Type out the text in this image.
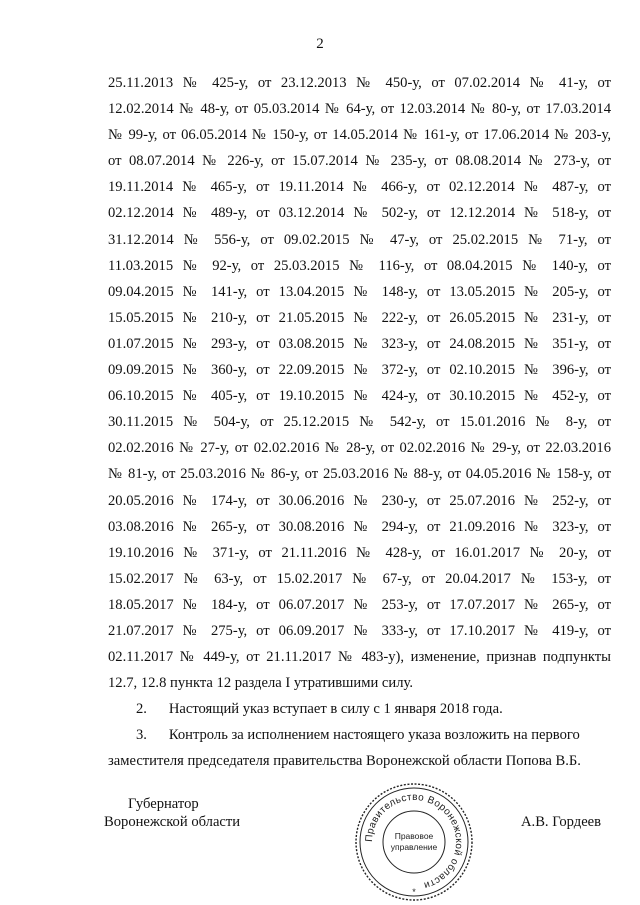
2
25.11.2013 № 425-у, от 23.12.2013 № 450-у, от 07.02.2014 № 41-у, от
12.02.2014 № 48-у, от 05.03.2014 № 64-у, от 12.03.2014 № 80-у, от 17.03.2014
№ 99-у, от 06.05.2014 № 150-у, от 14.05.2014 № 161-у, от 17.06.2014 № 203-у,
от 08.07.2014 № 226-у, от 15.07.2014 № 235-у, от 08.08.2014 № 273-у, от
19.11.2014 № 465-у, от 19.11.2014 № 466-у, от 02.12.2014 № 487-у, от
02.12.2014 № 489-у, от 03.12.2014 № 502-у, от 12.12.2014 № 518-у, от
31.12.2014 № 556-у, от 09.02.2015 № 47-у, от 25.02.2015 № 71-у, от
11.03.2015 № 92-у, от 25.03.2015 № 116-у, от 08.04.2015 № 140-у, от
09.04.2015 № 141-у, от 13.04.2015 № 148-у, от 13.05.2015 № 205-у, от
15.05.2015 № 210-у, от 21.05.2015 № 222-у, от 26.05.2015 № 231-у, от
01.07.2015 № 293-у, от 03.08.2015 № 323-у, от 24.08.2015 № 351-у, от
09.09.2015 № 360-у, от 22.09.2015 № 372-у, от 02.10.2015 № 396-у, от
06.10.2015 № 405-у, от 19.10.2015 № 424-у, от 30.10.2015 № 452-у, от
30.11.2015 № 504-у, от 25.12.2015 № 542-у, от 15.01.2016 № 8-у, от
02.02.2016 № 27-у, от 02.02.2016 № 28-у, от 02.02.2016 № 29-у, от 22.03.2016
№ 81-у, от 25.03.2016 № 86-у, от 25.03.2016 № 88-у, от 04.05.2016 № 158-у, от
20.05.2016 № 174-у, от 30.06.2016 № 230-у, от 25.07.2016 № 252-у, от
03.08.2016 № 265-у, от 30.08.2016 № 294-у, от 21.09.2016 № 323-у, от
19.10.2016 № 371-у, от 21.11.2016 № 428-у, от 16.01.2017 № 20-у, от
15.02.2017 № 63-у, от 15.02.2017 № 67-у, от 20.04.2017 № 153-у, от
18.05.2017 № 184-у, от 06.07.2017 № 253-у, от 17.07.2017 № 265-у, от
21.07.2017 № 275-у, от 06.09.2017 № 333-у, от 17.10.2017 № 419-у, от
02.11.2017 № 449-у, от 21.11.2017 № 483-у), изменение, признав подпункты
12.7, 12.8 пункта 12 раздела I утратившими силу.
2.      Настоящий указ вступает в силу с 1 января 2018 года.
3.      Контроль за исполнением настоящего указа возложить на первого
заместителя председателя правительства Воронежской области Попова В.Б.
Губернатор
Воронежской области	А.В. Гордеев
Правительство Воронежской области
Правовое
управление
*
